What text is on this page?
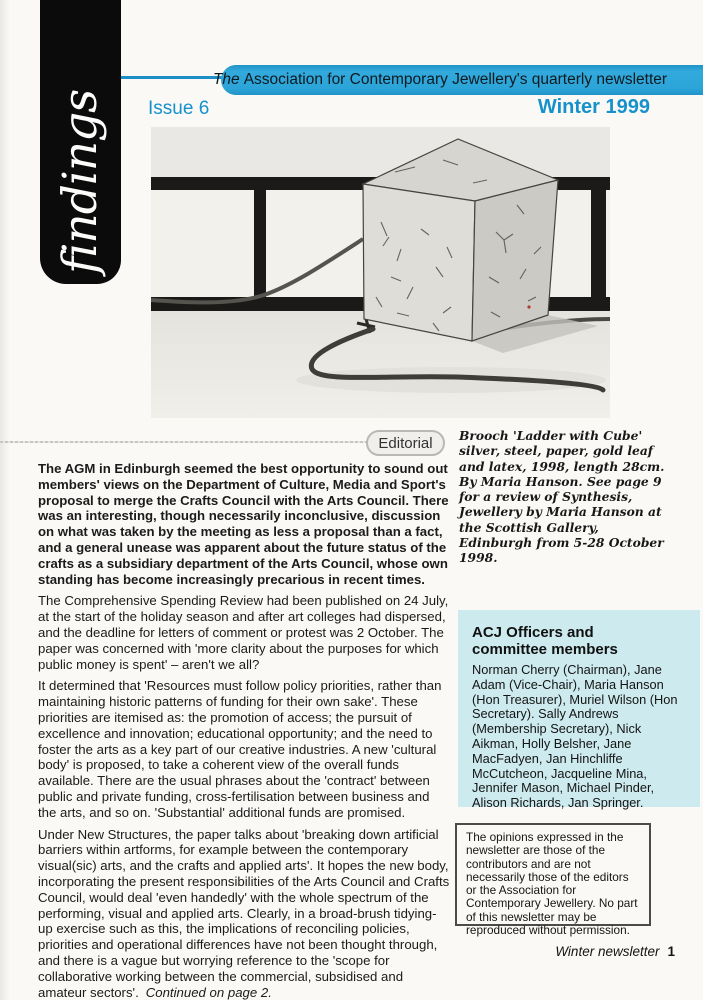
findings
The Association for Contemporary Jewellery's quarterly newsletter
Issue 6	Winter 1999
Editorial Brooch 'Ladder with Cube' silver, steel, paper, gold leaf and latex, 1998, length 28cm. By Maria Hanson. See page 9 for a review of Synthesis, Jewellery by Maria Hanson at the Scottish Gallery, Edinburgh from 5-28 October 1998.

The AGM in Edinburgh seemed the best opportunity to sound out members' views on the Department of Culture, Media and Sport's proposal to merge the Crafts Council with the Arts Council. There was an interesting, though necessarily inconclusive, discussion on what was taken by the meeting as less a proposal than a fact, and a general unease was apparent about the future status of the crafts as a subsidiary department of the Arts Council, whose own standing has become increasingly precarious in recent times.

The Comprehensive Spending Review had been published on 24 July, at the start of the holiday season and after art colleges had dispersed, and the deadline for letters of comment or protest was 2 October. The paper was concerned with 'more clarity about the purposes for which public money is spent' – aren't we all?

It determined that 'Resources must follow policy priorities, rather than maintaining historic patterns of funding for their own sake'. These priorities are itemised as: the promotion of access; the pursuit of excellence and innovation; educational opportunity; and the need to foster the arts as a key part of our creative industries. A new 'cultural body' is proposed, to take a coherent view of the overall funds available. There are the usual phrases about the 'contract' between public and private funding, cross-fertilisation between business and the arts, and so on. 'Substantial' additional funds are promised.

Under New Structures, the paper talks about 'breaking down artificial barriers within artforms, for example between the contemporary visual(sic) arts, and the crafts and applied arts'. It hopes the new body, incorporating the present responsibilities of the Arts Council and Crafts Council, would deal 'even handedly' with the whole spectrum of the performing, visual and applied arts. Clearly, in a broad-brush tidying-up exercise such as this, the implications of reconciling policies, priorities and operational differences have not been thought through, and there is a vague but worrying reference to the 'scope for collaborative working between the commercial, subsidised and amateur sectors'. Continued on page 2.

ACJ Officers and committee members
Norman Cherry (Chairman), Jane Adam (Vice-Chair), Maria Hanson (Hon Treasurer), Muriel Wilson (Hon Secretary). Sally Andrews (Membership Secretary), Nick Aikman, Holly Belsher, Jane MacFadyen, Jan Hinchliffe McCutcheon, Jacqueline Mina, Jennifer Mason, Michael Pinder, Alison Richards, Jan Springer.
The opinions expressed in the newsletter are those of the contributors and are not necessarily those of the editors or the Association for Contemporary Jewellery. No part of this newsletter may be reproduced without permission.
Winter newsletter 1
